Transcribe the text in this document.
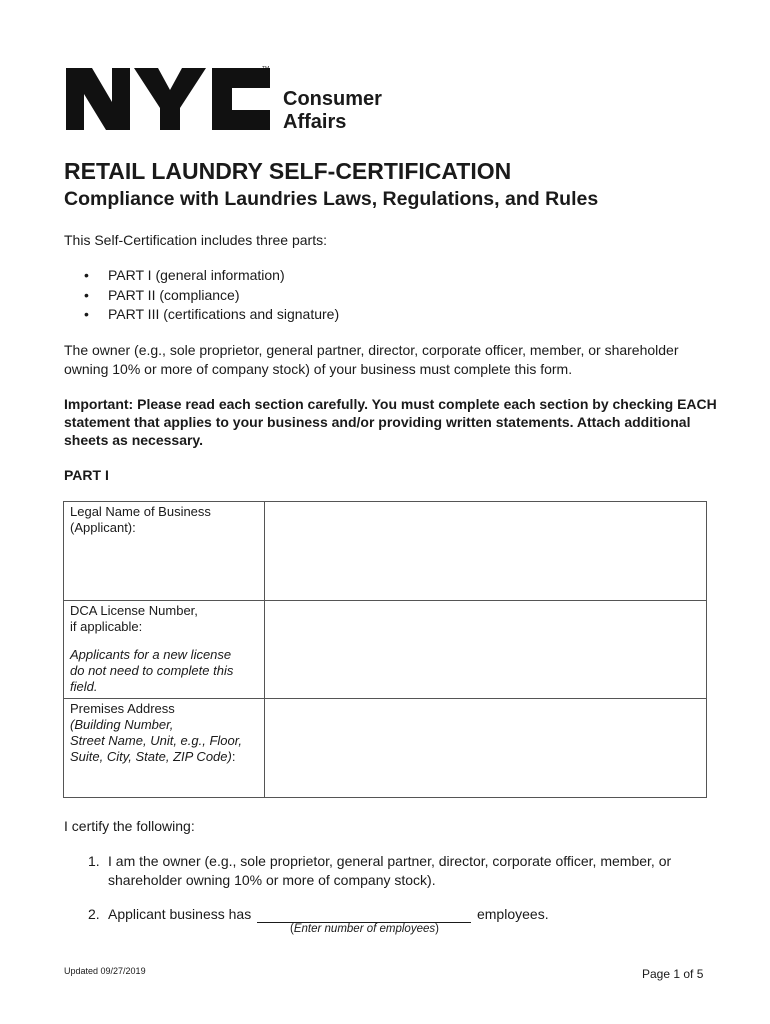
TM
Consumer
Affairs
RETAIL LAUNDRY SELF-CERTIFICATION
Compliance with Laundries Laws, Regulations, and Rules
This Self-Certification includes three parts:
• PART I (general information)
• PART II (compliance)
• PART III (certifications and signature)
The owner (e.g., sole proprietor, general partner, director, corporate officer, member, or shareholder owning 10% or more of company stock) of your business must complete this form.
Important: Please read each section carefully. You must complete each section by checking EACH statement that applies to your business and/or providing written statements. Attach additional sheets as necessary.
PART I
Legal Name of Business
(Applicant):

DCA License Number,
if applicable:
Applicants for a new license
do not need to complete this
field.

Premises Address
(Building Number,
Street Name, Unit, e.g., Floor,
Suite, City, State, ZIP Code):

I certify the following:
1. I am the owner (e.g., sole proprietor, general partner, director, corporate officer, member, or shareholder owning 10% or more of company stock).
2. Applicant business has	employees.
(Enter number of employees)
Updated 09/27/2019	Page 1 of 5
